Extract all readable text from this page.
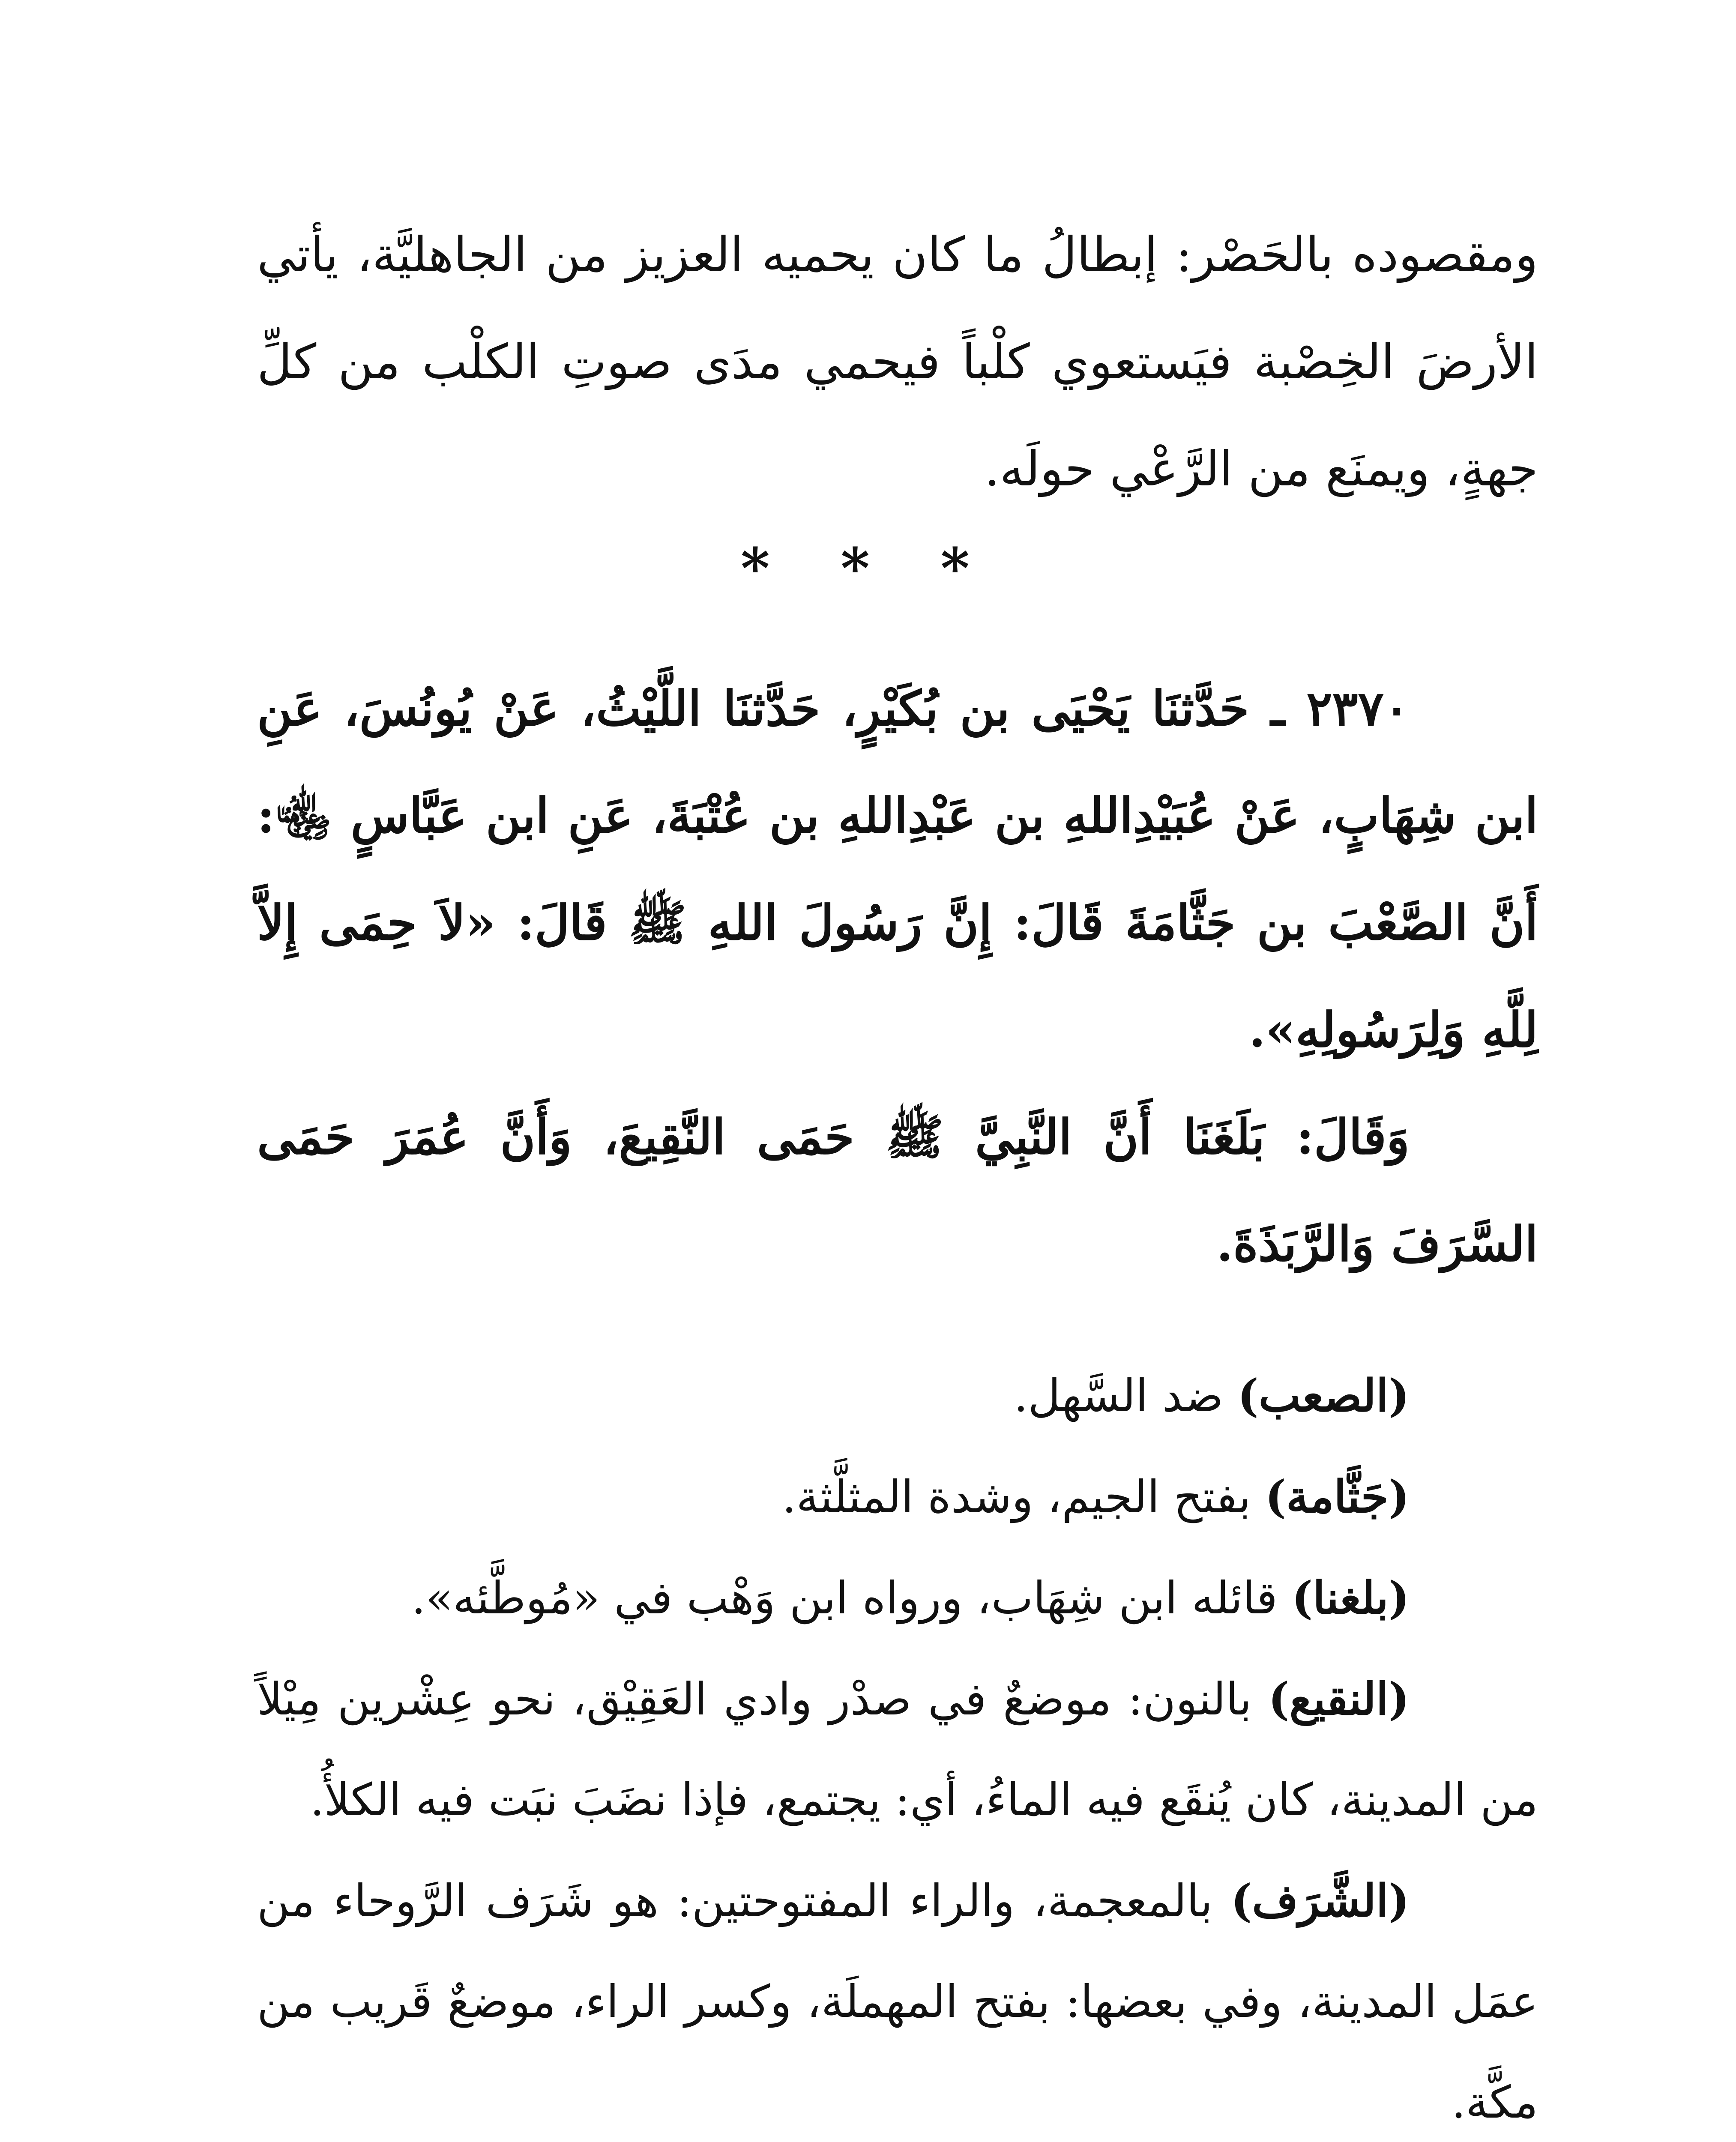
ومقصوده بالحَصْر: إبطالُ ما كان يحميه العزيز من الجاهليَّة، يأتي الأرضَ الخِصْبة فيَستعوي كلْباً فيحمي مدَى صوتِ الكلْب من كلِّ جهةٍ، ويمنَع من الرَّعْي حولَه.

* * *

٢٣٧٠ ـ حَدَّثنَا يَحْيَى بن بُكَيْرٍ، حَدَّثنَا اللَّيْثُ، عَنْ يُونُسَ، عَنِ ابن شِهَابٍ، عَنْ عُبَيْدِاللهِ بن عَبْدِاللهِ بن عُتْبَةَ، عَنِ ابن عَبَّاسٍ ﵄: أَنَّ الصَّعْبَ بن جَثَّامَةَ قَالَ: إِنَّ رَسُولَ اللهِ ﷺ قَالَ: «لاَ حِمَى إِلاَّ لِلَّهِ وَلِرَسُولِهِ».

وَقَالَ: بَلَغَنَا أَنَّ النَّبِيَّ ﷺ حَمَى النَّقِيعَ، وَأَنَّ عُمَرَ حَمَى السَّرَفَ وَالرَّبَذَةَ.

(الصعب) ضد السَّهل.

(جَثَّامة) بفتح الجيم، وشدة المثلَّثة.

(بلغنا) قائله ابن شِهَاب، ورواه ابن وَهْب في «مُوطَّئه».

(النقيع) بالنون: موضعٌ في صدْر وادي العَقِيْق، نحو عِشْرين مِيْلاً من المدينة، كان يُنقَع فيه الماءُ، أي: يجتمع، فإذا نضَبَ نبَت فيه الكلأُ.

(الشَّرَف) بالمعجمة، والراء المفتوحتين: هو شَرَف الرَّوحاء من عمَل المدينة، وفي بعضها: بفتح المهملَة، وكسر الراء، موضعٌ قَريب من مكَّة.
